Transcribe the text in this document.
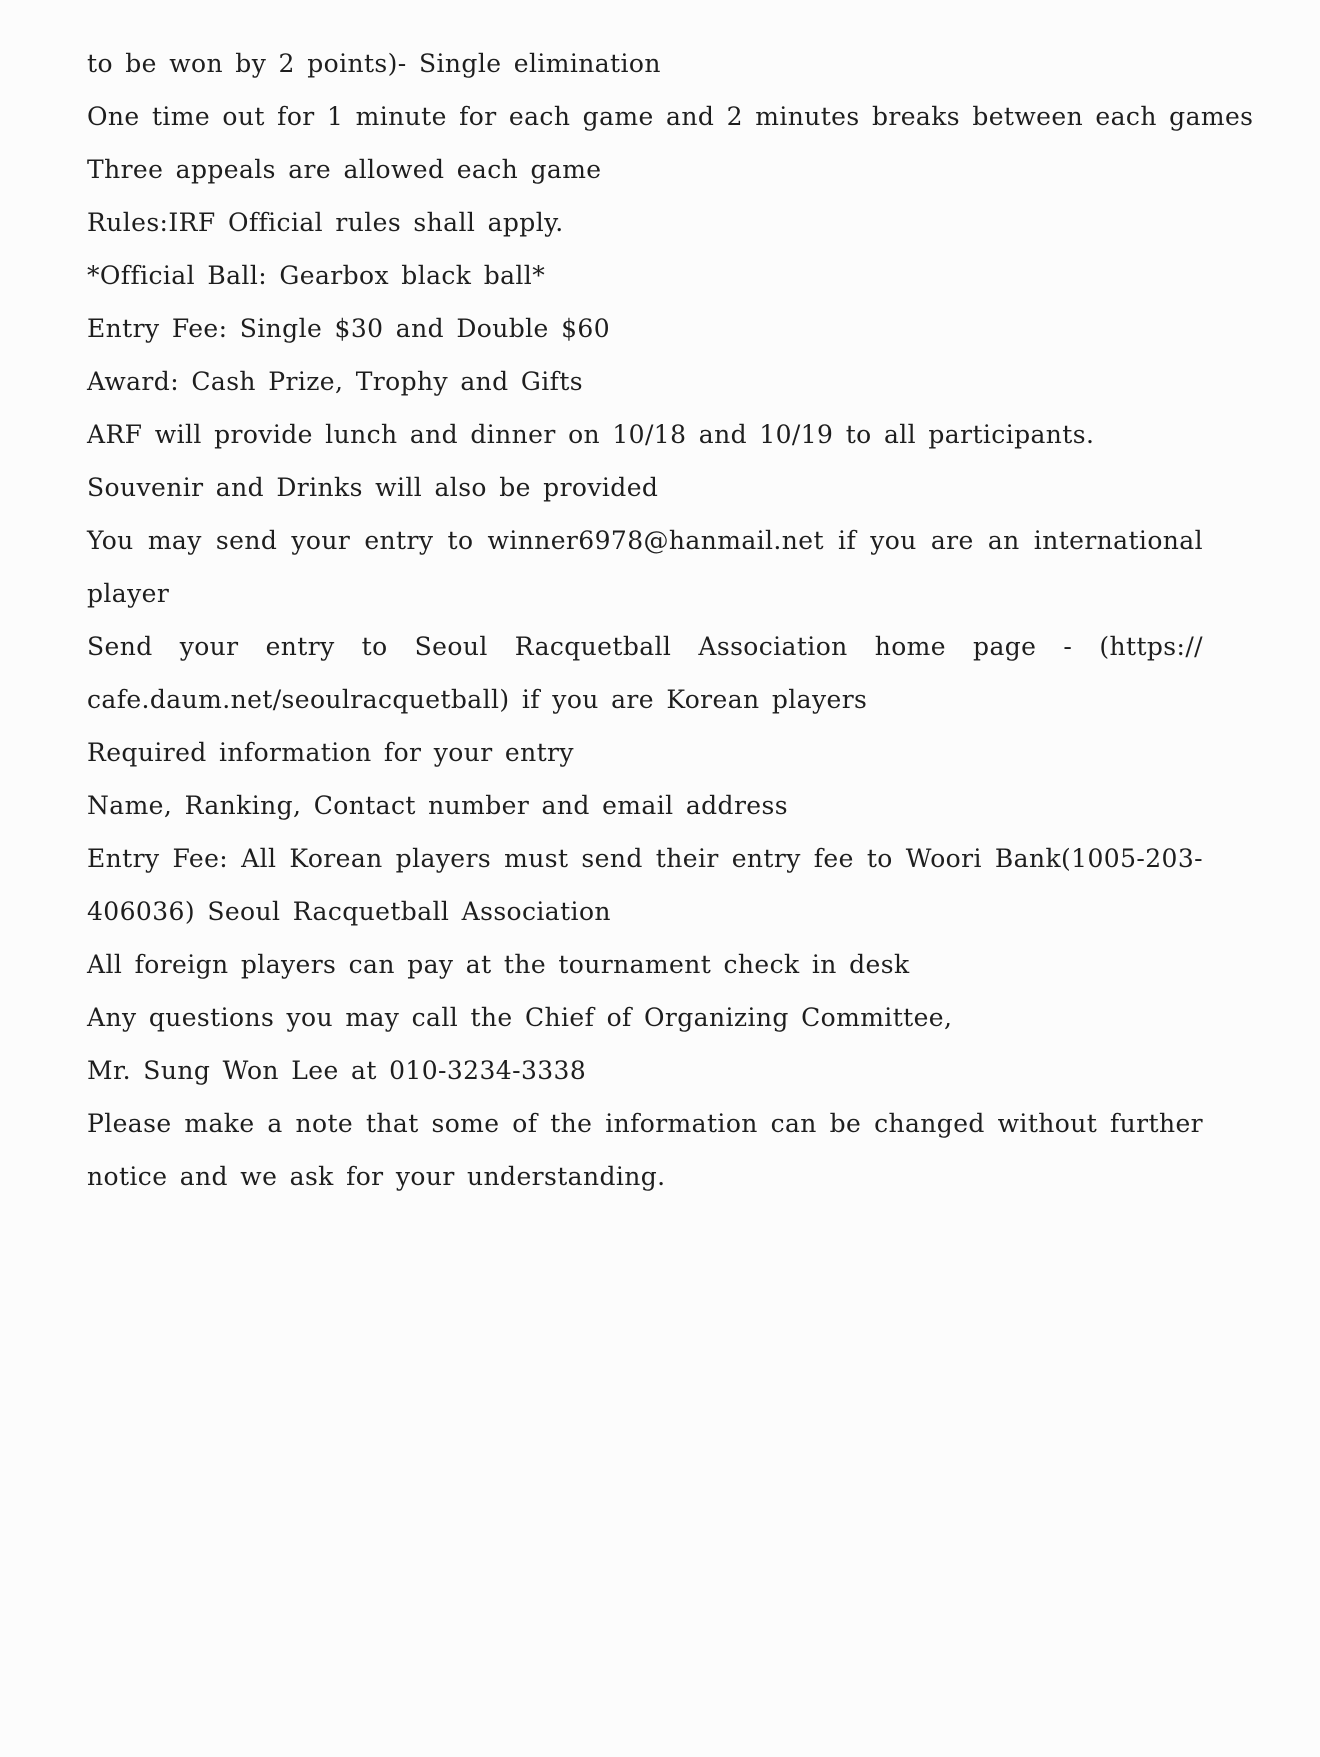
to be won by 2 points)- Single elimination

One time out for 1 minute for each game and 2 minutes breaks between each games

Three appeals are allowed each game

Rules:IRF Official rules shall apply.

*Official Ball: Gearbox black ball*

Entry Fee: Single $30 and Double $60

Award: Cash Prize, Trophy and Gifts

ARF will provide lunch and dinner on 10/18 and 10/19 to all participants.

Souvenir and Drinks will also be provided

You may send your entry to winner6978@hanmail.net if you are an international player

Send your entry to Seoul Racquetball Association home page - (https:// cafe.daum.net/seoulracquetball) if you are Korean players

Required information for your entry

Name, Ranking, Contact number and email address

Entry Fee: All Korean players must send their entry fee to Woori Bank(1005-203-406036) Seoul Racquetball Association

All foreign players can pay at the tournament check in desk

Any questions you may call the Chief of Organizing Committee,

Mr. Sung Won Lee at 010-3234-3338

Please make a note that some of the information can be changed without further notice and we ask for your understanding.
